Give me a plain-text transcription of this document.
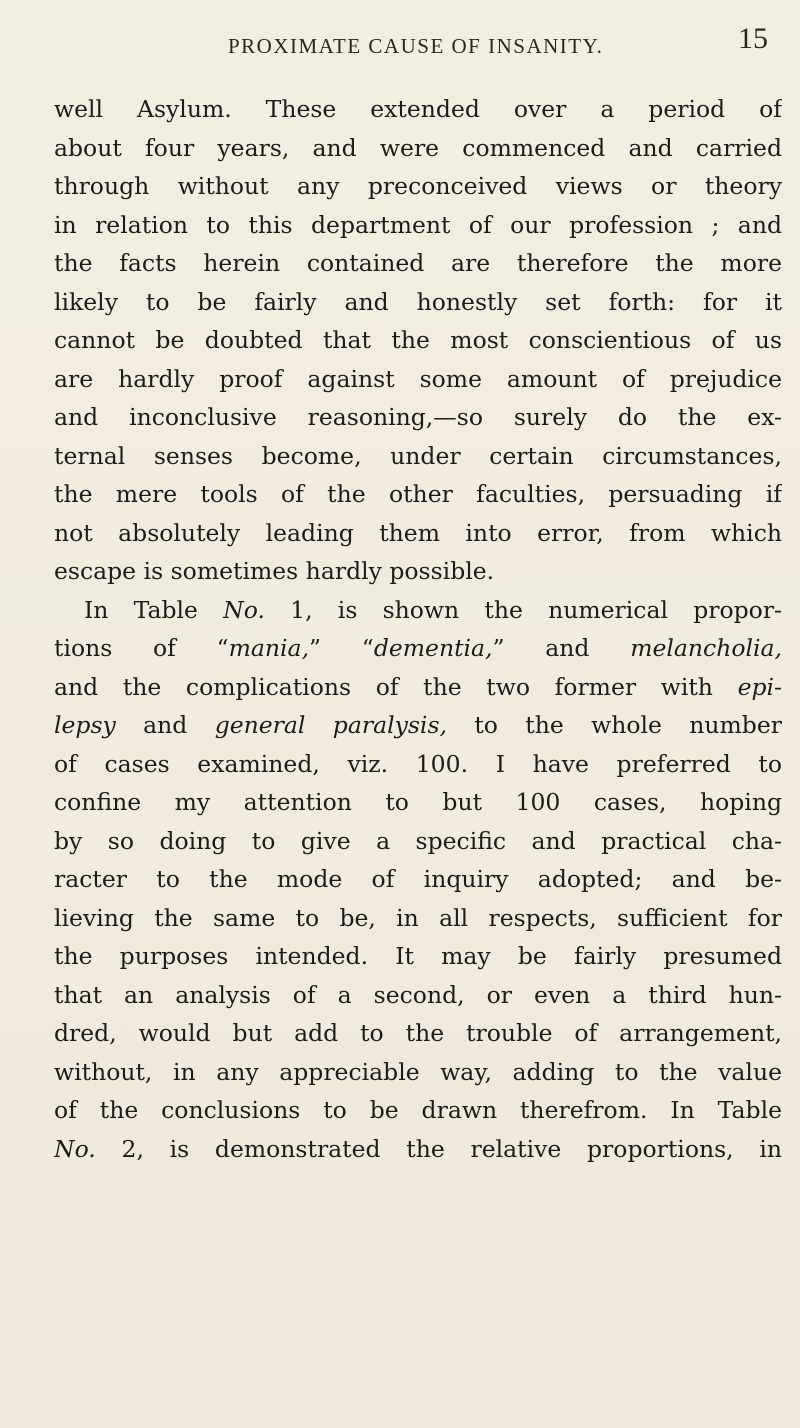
PROXIMATE CAUSE OF INSANITY.	15
well Asylum. These extended over a period of
about four years, and were commenced and carried
through without any preconceived views or theory
in relation to this department of our profession ; and
the facts herein contained are therefore the more
likely to be fairly and honestly set forth: for it
cannot be doubted that the most conscientious of us
are hardly proof against some amount of prejudice
and inconclusive reasoning,—so surely do the ex-
ternal senses become, under certain circumstances,
the mere tools of the other faculties, persuading if
not absolutely leading them into error, from which
escape is sometimes hardly possible.
In Table No. 1, is shown the numerical propor-
tions of “mania,” “dementia,” and melancholia,
and the complications of the two former with epi-
lepsy and general paralysis, to the whole number
of cases examined, viz. 100. I have preferred to
confine my attention to but 100 cases, hoping
by so doing to give a specific and practical cha-
racter to the mode of inquiry adopted; and be-
lieving the same to be, in all respects, sufficient for
the purposes intended. It may be fairly presumed
that an analysis of a second, or even a third hun-
dred, would but add to the trouble of arrangement,
without, in any appreciable way, adding to the value
of the conclusions to be drawn therefrom. In Table
No. 2, is demonstrated the relative proportions, in
